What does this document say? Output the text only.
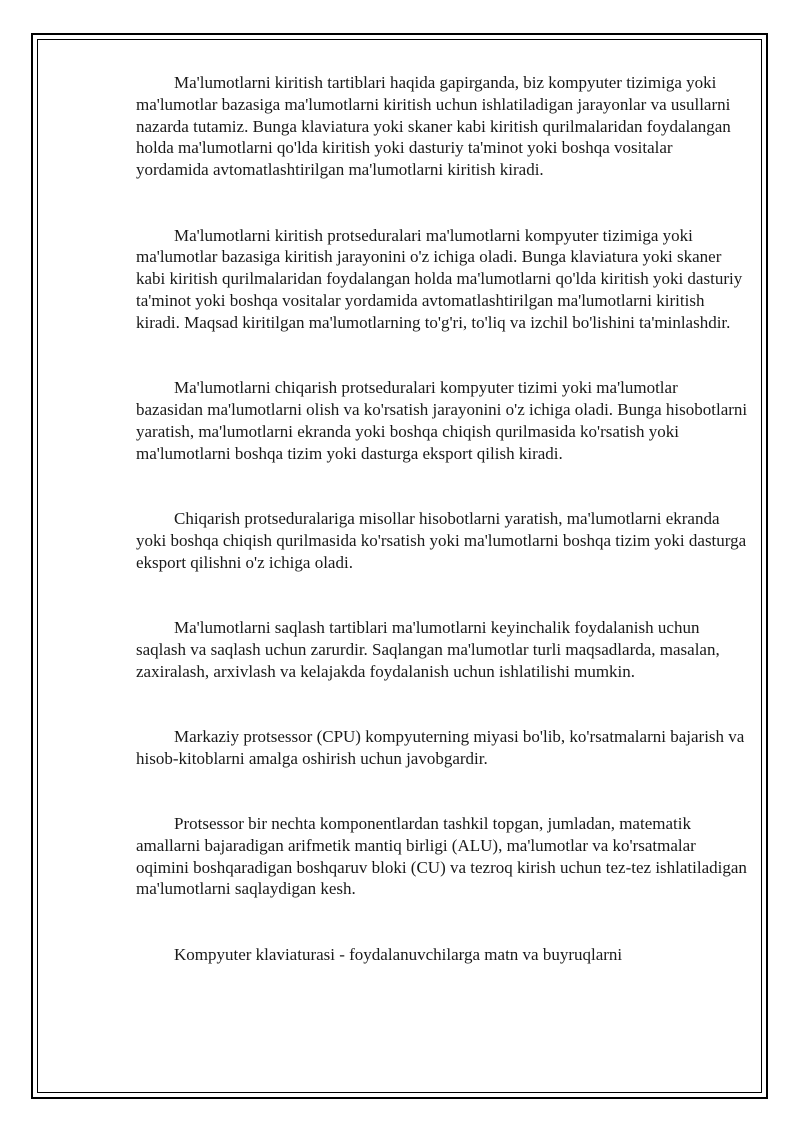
Ma'lumotlarni kiritish tartiblari haqida gapirganda, biz kompyuter tizimiga yoki ma'lumotlar bazasiga ma'lumotlarni kiritish uchun ishlatiladigan jarayonlar va usullarni nazarda tutamiz. Bunga klaviatura yoki skaner kabi kiritish qurilmalaridan foydalangan holda ma'lumotlarni qo'lda kiritish yoki dasturiy ta'minot yoki boshqa vositalar yordamida avtomatlashtirilgan ma'lumotlarni kiritish kiradi.

Ma'lumotlarni kiritish protseduralari ma'lumotlarni kompyuter tizimiga yoki ma'lumotlar bazasiga kiritish jarayonini o'z ichiga oladi. Bunga klaviatura yoki skaner kabi kiritish qurilmalaridan foydalangan holda ma'lumotlarni qo'lda kiritish yoki dasturiy ta'minot yoki boshqa vositalar yordamida avtomatlashtirilgan ma'lumotlarni kiritish kiradi. Maqsad kiritilgan ma'lumotlarning to'g'ri, to'liq va izchil bo'lishini ta'minlashdir.

Ma'lumotlarni chiqarish protseduralari kompyuter tizimi yoki ma'lumotlar bazasidan ma'lumotlarni olish va ko'rsatish jarayonini o'z ichiga oladi. Bunga hisobotlarni yaratish, ma'lumotlarni ekranda yoki boshqa chiqish qurilmasida ko'rsatish yoki ma'lumotlarni boshqa tizim yoki dasturga eksport qilish kiradi.

Chiqarish protseduralariga misollar hisobotlarni yaratish, ma'lumotlarni ekranda yoki boshqa chiqish qurilmasida ko'rsatish yoki ma'lumotlarni boshqa tizim yoki dasturga eksport qilishni o'z ichiga oladi.

Ma'lumotlarni saqlash tartiblari ma'lumotlarni keyinchalik foydalanish uchun saqlash va saqlash uchun zarurdir. Saqlangan ma'lumotlar turli maqsadlarda, masalan, zaxiralash, arxivlash va kelajakda foydalanish uchun ishlatilishi mumkin.

Markaziy protsessor (CPU) kompyuterning miyasi bo'lib, ko'rsatmalarni bajarish va hisob-kitoblarni amalga oshirish uchun javobgardir.

Protsessor bir nechta komponentlardan tashkil topgan, jumladan, matematik amallarni bajaradigan arifmetik mantiq birligi (ALU), ma'lumotlar va ko'rsatmalar oqimini boshqaradigan boshqaruv bloki (CU) va tezroq kirish uchun tez-tez ishlatiladigan ma'lumotlarni saqlaydigan kesh.

Kompyuter klaviaturasi - foydalanuvchilarga matn va buyruqlarni
